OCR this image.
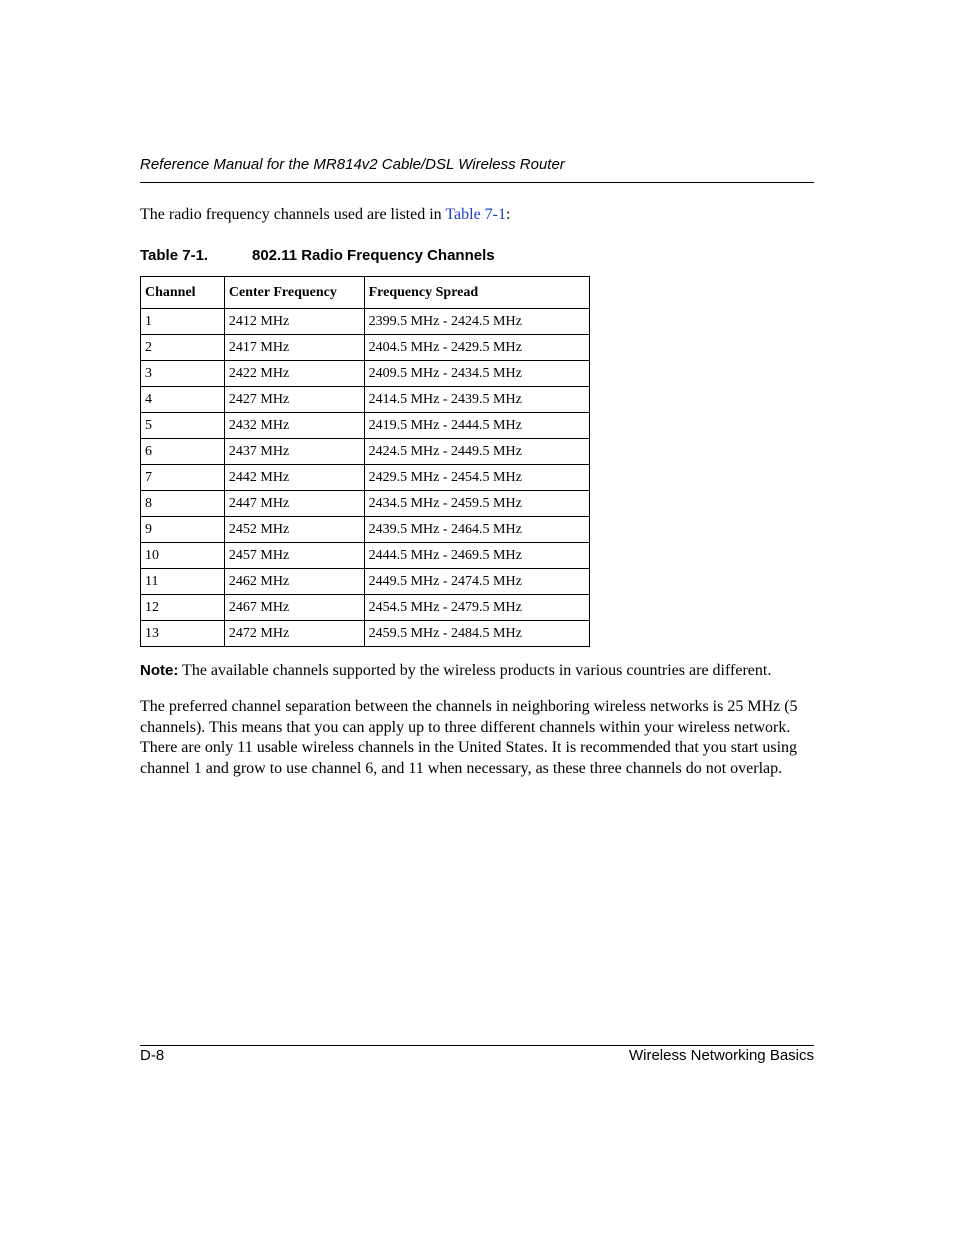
Reference Manual for the MR814v2 Cable/DSL Wireless Router

The radio frequency channels used are listed in Table 7-1:

Table 7-1.	802.11 Radio Frequency Channels
Channel	Center Frequency	Frequency Spread
1	2412 MHz	2399.5 MHz - 2424.5 MHz
2	2417 MHz	2404.5 MHz - 2429.5 MHz
3	2422 MHz	2409.5 MHz - 2434.5 MHz
4	2427 MHz	2414.5 MHz - 2439.5 MHz
5	2432 MHz	2419.5 MHz - 2444.5 MHz
6	2437 MHz	2424.5 MHz - 2449.5 MHz
7	2442 MHz	2429.5 MHz - 2454.5 MHz
8	2447 MHz	2434.5 MHz - 2459.5 MHz
9	2452 MHz	2439.5 MHz - 2464.5 MHz
10	2457 MHz	2444.5 MHz - 2469.5 MHz
11	2462 MHz	2449.5 MHz - 2474.5 MHz
12	2467 MHz	2454.5 MHz - 2479.5 MHz
13	2472 MHz	2459.5 MHz - 2484.5 MHz

Note: The available channels supported by the wireless products in various countries are different.

The preferred channel separation between the channels in neighboring wireless networks is 25 MHz (5 channels). This means that you can apply up to three different channels within your wireless network. There are only 11 usable wireless channels in the United States. It is recommended that you start using channel 1 and grow to use channel 6, and 11 when necessary, as these three channels do not overlap.

D-8	Wireless Networking Basics
